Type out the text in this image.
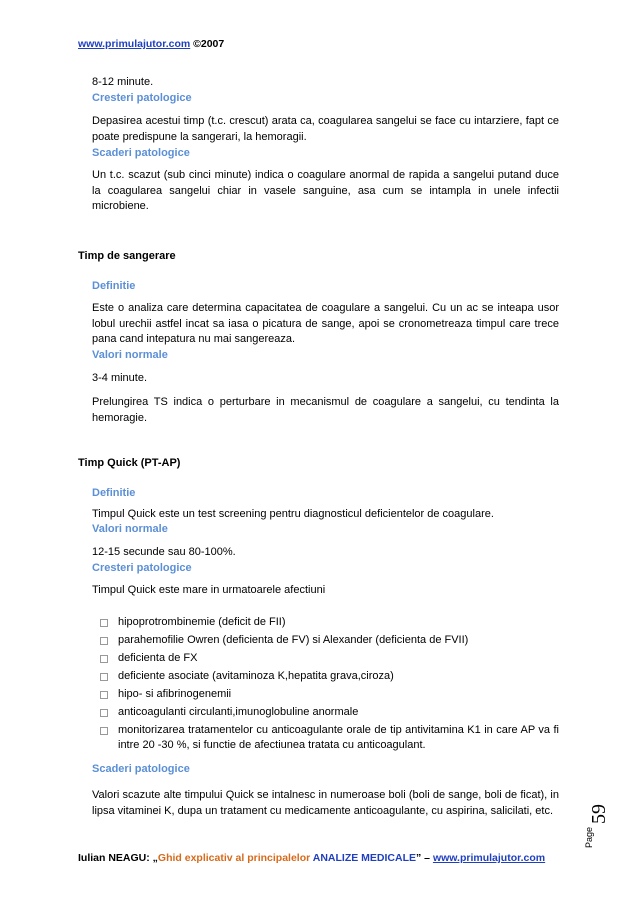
www.primulajutor.com ©2007
8-12 minute.
Cresteri patologice
Depasirea acestui timp (t.c. crescut) arata ca, coagularea sangelui se face cu intarziere, fapt ce poate predispune la sangerari, la hemoragii.
Scaderi patologice
Un t.c. scazut (sub cinci minute) indica o coagulare anormal de rapida a sangelui putand duce la coagularea sangelui chiar in vasele sanguine, asa cum se intampla in unele infectii microbiene.
Timp de sangerare
Definitie
Este o analiza care determina capacitatea de coagulare a sangelui. Cu un ac se inteapa usor lobul urechii astfel incat sa iasa o picatura de sange, apoi se cronometreaza timpul care trece pana cand intepatura nu mai sangereaza.
Valori normale
3-4 minute.
Prelungirea TS indica o perturbare in mecanismul de coagulare a sangelui, cu tendinta la hemoragie.
Timp Quick (PT-AP)
Definitie
Timpul Quick este un test screening pentru diagnosticul deficientelor de coagulare.
Valori normale
12-15 secunde sau 80-100%.
Cresteri patologice
Timpul Quick este mare in urmatoarele afectiuni
hipoprotrombinemie (deficit de FII)
parahemofilie Owren (deficienta de FV) si Alexander (deficienta de FVII)
deficienta de FX
deficiente asociate (avitaminoza K,hepatita grava,ciroza)
hipo- si afibrinogenemii
anticoagulanti circulanti,imunoglobuline anormale
monitorizarea tratamentelor cu anticoagulante orale de tip antivitamina K1 in care AP va fi intre 20 -30 %, si functie de afectiunea tratata cu anticoagulant.
Scaderi patologice
Valori scazute alte timpului Quick se intalnesc in numeroase boli (boli de sange, boli de ficat), in lipsa vitaminei K, dupa un tratament cu medicamente anticoagulante, cu aspirina, salicilati, etc.
Page
59
Iulian NEAGU: „Ghid explicativ al principalelor ANALIZE MEDICALE” – www.primulajutor.com
